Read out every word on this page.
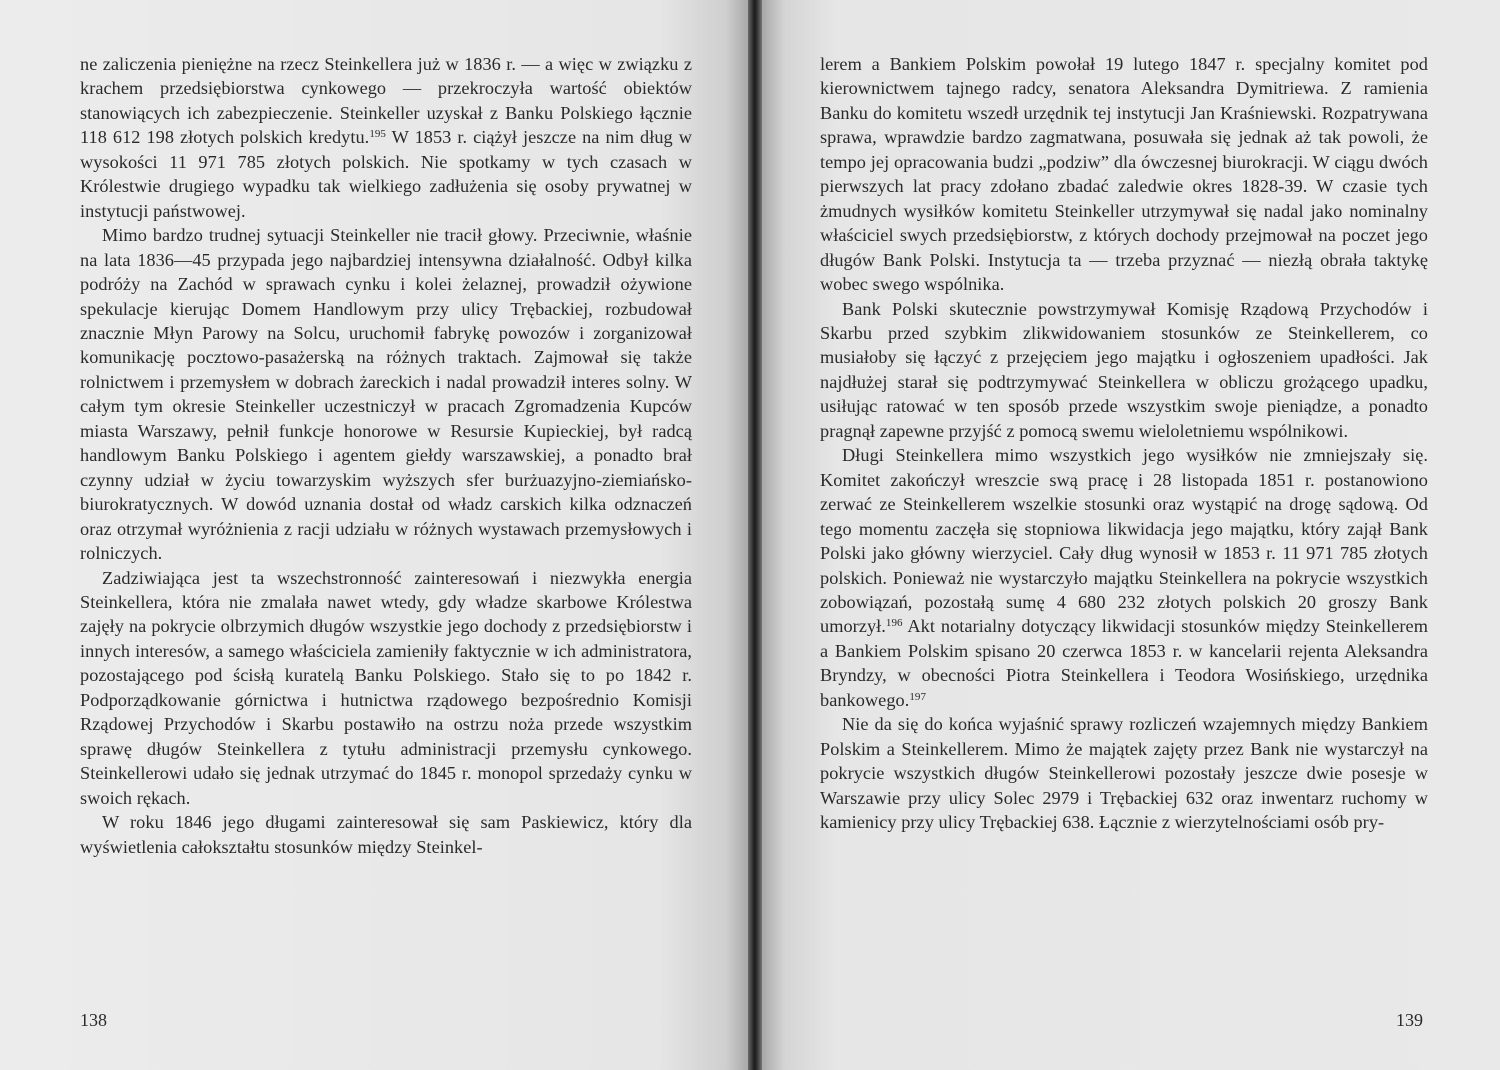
ne zaliczenia pieniężne na rzecz Steinkellera już w 1836 r. — a więc w związku z krachem przedsiębiorstwa cynkowego — przekroczyła wartość obiektów stanowiących ich zabezpieczenie. Steinkeller uzyskał z Banku Polskiego łącznie 118 612 198 złotych polskich kredytu.$^{195}$ W 1853 r. ciążył jeszcze na nim dług w wysokości 11 971 785 złotych polskich. Nie spotkamy w tych czasach w Królestwie drugiego wypadku tak wielkiego zadłużenia się osoby prywatnej w instytucji państwowej.

Mimo bardzo trudnej sytuacji Steinkeller nie tracił głowy. Przeciwnie, właśnie na lata 1836—45 przypada jego najbardziej intensywna działalność. Odbył kilka podróży na Zachód w sprawach cynku i kolei żelaznej, prowadził ożywione spekulacje kierując Domem Handlowym przy ulicy Trębackiej, rozbudował znacznie Młyn Parowy na Solcu, uruchomił fabrykę powozów i zorganizował komunikację pocztowo-pasażerską na różnych traktach. Zajmował się także rolnictwem i przemysłem w dobrach żareckich i nadal prowadził interes solny. W całym tym okresie Steinkeller uczestniczył w pracach Zgromadzenia Kupców miasta Warszawy, pełnił funkcje honorowe w Resursie Kupieckiej, był radcą handlowym Banku Polskiego i agentem giełdy warszawskiej, a ponadto brał czynny udział w życiu towarzyskim wyższych sfer burżuazyjno-ziemiańsko-biurokratycznych. W dowód uznania dostał od władz carskich kilka odznaczeń oraz otrzymał wyróżnienia z racji udziału w różnych wystawach przemysłowych i rolniczych.

Zadziwiająca jest ta wszechstronność zainteresowań i niezwykła energia Steinkellera, która nie zmalała nawet wtedy, gdy władze skarbowe Królestwa zajęły na pokrycie olbrzymich długów wszystkie jego dochody z przedsiębiorstw i innych interesów, a samego właściciela zamieniły faktycznie w ich administratora, pozostającego pod ścisłą kuratelą Banku Polskiego. Stało się to po 1842 r. Podporządkowanie górnictwa i hutnictwa rządowego bezpośrednio Komisji Rządowej Przychodów i Skarbu postawiło na ostrzu noża przede wszystkim sprawę długów Steinkellera z tytułu administracji przemysłu cynkowego. Steinkellerowi udało się jednak utrzymać do 1845 r. monopol sprzedaży cynku w swoich rękach.

W roku 1846 jego długami zainteresował się sam Paskiewicz, który dla wyświetlenia całokształtu stosunków między Steinkel-

138

lerem a Bankiem Polskim powołał 19 lutego 1847 r. specjalny komitet pod kierownictwem tajnego radcy, senatora Aleksandra Dymitriewa. Z ramienia Banku do komitetu wszedł urzędnik tej instytucji Jan Kraśniewski. Rozpatrywana sprawa, wprawdzie bardzo zagmatwana, posuwała się jednak aż tak powoli, że tempo jej opracowania budzi „podziw” dla ówczesnej biurokracji. W ciągu dwóch pierwszych lat pracy zdołano zbadać zaledwie okres 1828-39. W czasie tych żmudnych wysiłków komitetu Steinkeller utrzymywał się nadal jako nominalny właściciel swych przedsiębiorstw, z których dochody przejmował na poczet jego długów Bank Polski. Instytucja ta — trzeba przyznać — niezłą obrała taktykę wobec swego wspólnika.

Bank Polski skutecznie powstrzymywał Komisję Rządową Przychodów i Skarbu przed szybkim zlikwidowaniem stosunków ze Steinkellerem, co musiałoby się łączyć z przejęciem jego majątku i ogłoszeniem upadłości. Jak najdłużej starał się podtrzymywać Steinkellera w obliczu grożącego upadku, usiłując ratować w ten sposób przede wszystkim swoje pieniądze, a ponadto pragnął zapewne przyjść z pomocą swemu wieloletniemu wspólnikowi.

Długi Steinkellera mimo wszystkich jego wysiłków nie zmniejszały się. Komitet zakończył wreszcie swą pracę i 28 listopada 1851 r. postanowiono zerwać ze Steinkellerem wszelkie stosunki oraz wystąpić na drogę sądową. Od tego momentu zaczęła się stopniowa likwidacja jego majątku, który zajął Bank Polski jako główny wierzyciel. Cały dług wynosił w 1853 r. 11 971 785 złotych polskich. Ponieważ nie wystarczyło majątku Steinkellera na pokrycie wszystkich zobowiązań, pozostałą sumę 4 680 232 złotych polskich 20 groszy Bank umorzył.$^{196}$ Akt notarialny dotyczący likwidacji stosunków między Steinkellerem a Bankiem Polskim spisano 20 czerwca 1853 r. w kancelarii rejenta Aleksandra Bryndzy, w obecności Piotra Steinkellera i Teodora Wosińskiego, urzędnika bankowego.$^{197}$

Nie da się do końca wyjaśnić sprawy rozliczeń wzajemnych między Bankiem Polskim a Steinkellerem. Mimo że majątek zajęty przez Bank nie wystarczył na pokrycie wszystkich długów Steinkellerowi pozostały jeszcze dwie posesje w Warszawie przy ulicy Solec 2979 i Trębackiej 632 oraz inwentarz ruchomy w kamienicy przy ulicy Trębackiej 638. Łącznie z wierzytelnościami osób pry-

139
